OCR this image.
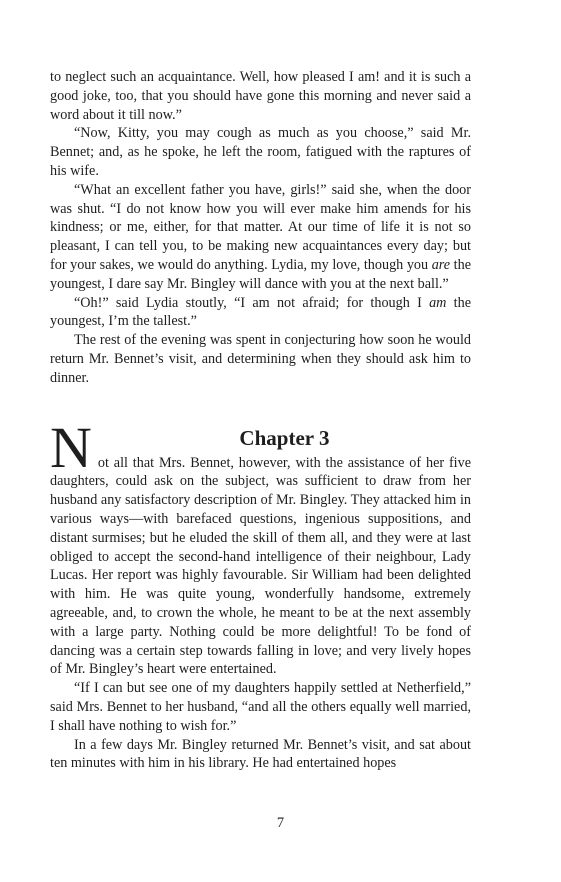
to neglect such an acquaintance. Well, how pleased I am! and it is such a good joke, too, that you should have gone this morning and never said a word about it till now.”

“Now, Kitty, you may cough as much as you choose,” said Mr. Bennet; and, as he spoke, he left the room, fatigued with the raptures of his wife.

“What an excellent father you have, girls!” said she, when the door was shut. “I do not know how you will ever make him amends for his kindness; or me, either, for that matter. At our time of life it is not so pleasant, I can tell you, to be making new acquaintances every day; but for your sakes, we would do anything. Lydia, my love, though you are the youngest, I dare say Mr. Bingley will dance with you at the next ball.”

“Oh!” said Lydia stoutly, “I am not afraid; for though I am the youngest, I’m the tallest.”

The rest of the evening was spent in conjecturing how soon he would return Mr. Bennet’s visit, and determining when they should ask him to dinner.

N	Chapter 3

ot all that Mrs. Bennet, however, with the assistance of her five daughters, could ask on the subject, was sufficient to draw from her husband any satisfactory description of Mr. Bingley. They attacked him in various ways—with barefaced questions, ingenious suppositions, and distant surmises; but he eluded the skill of them all, and they were at last obliged to accept the second-hand intelligence of their neighbour, Lady Lucas. Her report was highly favourable. Sir William had been delighted with him. He was quite young, wonderfully handsome, extremely agreeable, and, to crown the whole, he meant to be at the next assembly with a large party. Nothing could be more delightful! To be fond of dancing was a certain step towards falling in love; and very lively hopes of Mr. Bingley’s heart were entertained.

“If I can but see one of my daughters happily settled at Netherfield,” said Mrs. Bennet to her husband, “and all the others equally well married, I shall have nothing to wish for.”

In a few days Mr. Bingley returned Mr. Bennet’s visit, and sat about ten minutes with him in his library. He had entertained hopes

7
